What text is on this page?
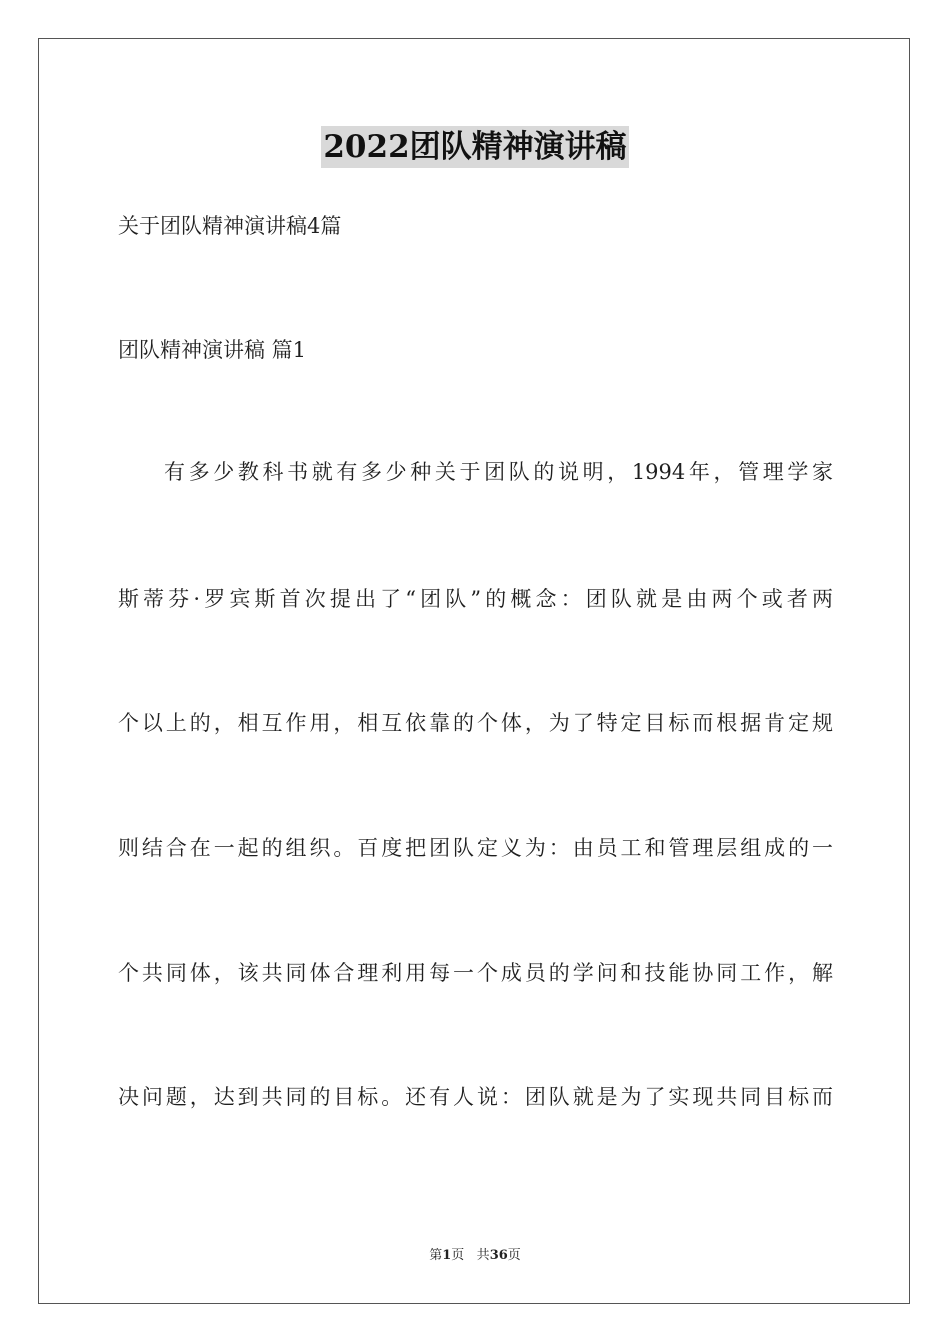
2022团队精神演讲稿
关于团队精神演讲稿4篇
团队精神演讲稿 篇1
有多少教科书就有多少种关于团队的说明，1994年，管理学家
斯蒂芬·罗宾斯首次提出了“团队”的概念：团队就是由两个或者两
个以上的，相互作用，相互依靠的个体，为了特定目标而根据肯定规
则结合在一起的组织。百度把团队定义为：由员工和管理层组成的一
个共同体，该共同体合理利用每一个成员的学问和技能协同工作，解
决问题，达到共同的目标。还有人说：团队就是为了实现共同目标而
第1页 共36页
